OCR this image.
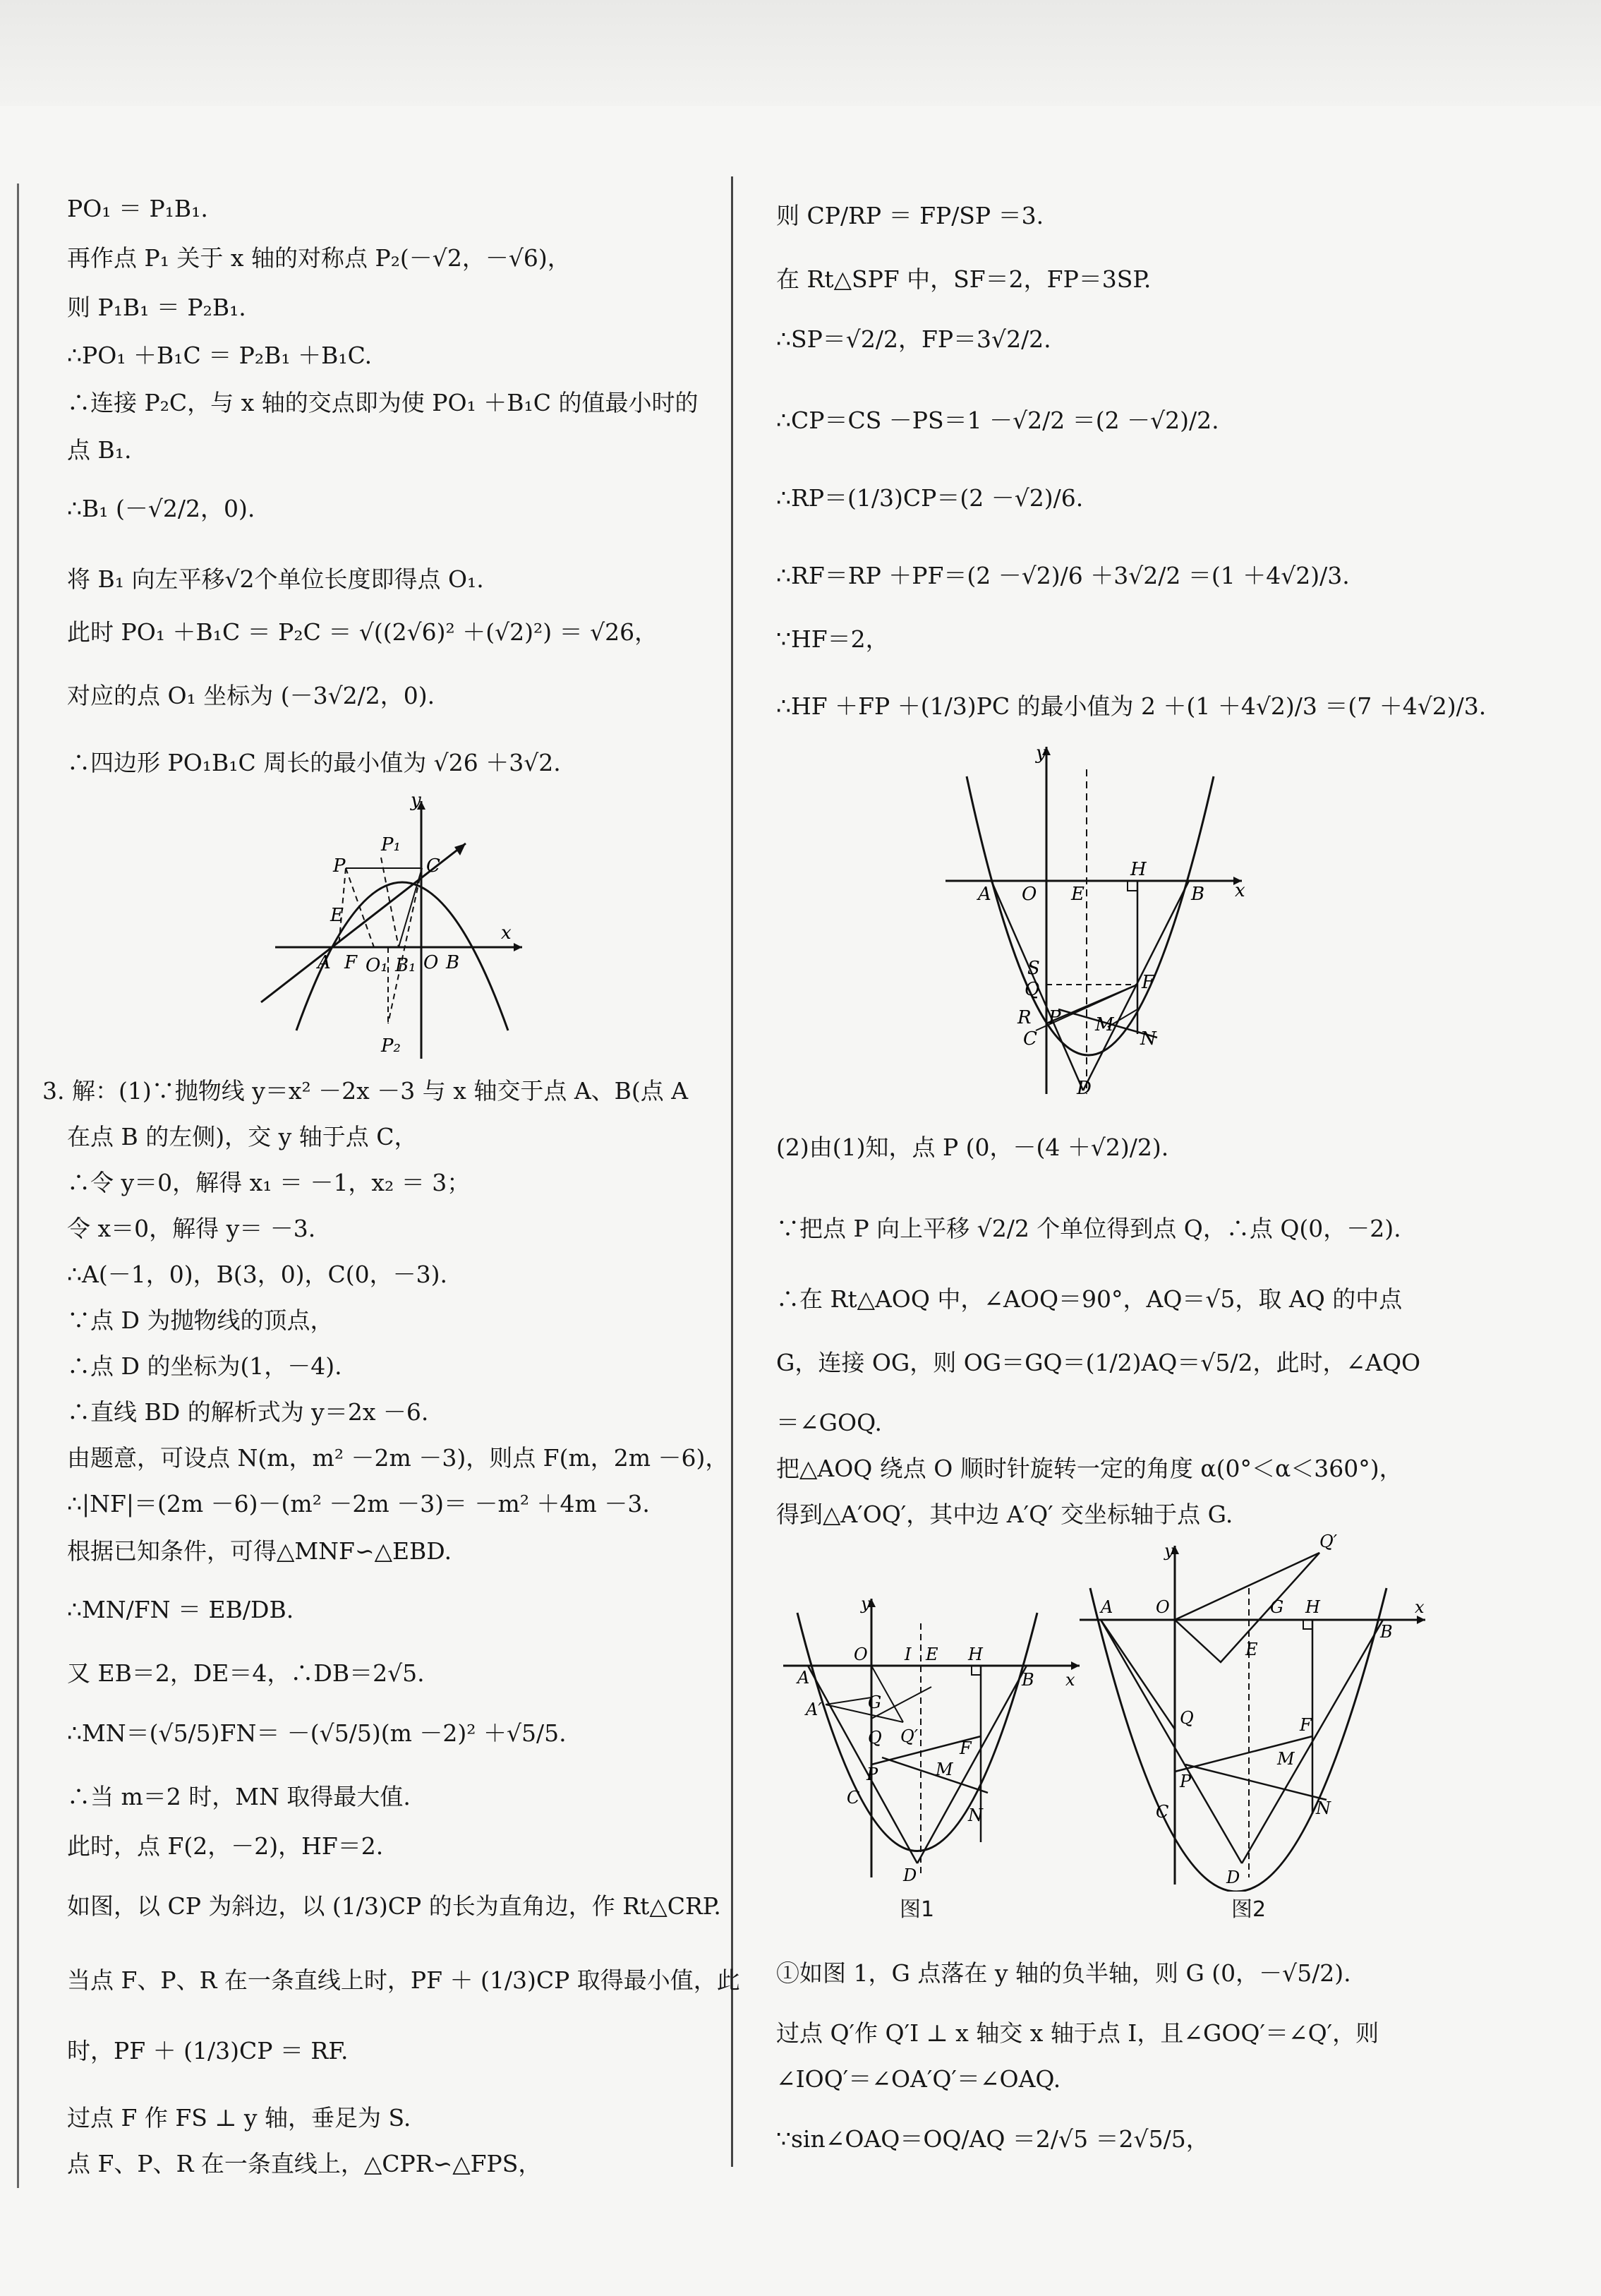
PO₁ ＝ P₁B₁.
再作点 P₁ 关于 x 轴的对称点 P₂(－√2，－√6)，
则 P₁B₁ ＝ P₂B₁.
∴PO₁ ＋B₁C ＝ P₂B₁ ＋B₁C.
∴连接 P₂C，与 x 轴的交点即为使 PO₁ ＋B₁C 的值最小时的
点 B₁.
∴B₁ (－√2/2，0).
将 B₁ 向左平移√2个单位长度即得点 O₁.
此时 PO₁ ＋B₁C ＝ P₂C ＝ √((2√6)² ＋(√2)²) ＝ √26，
对应的点 O₁ 坐标为 (－3√2/2，0).
∴四边形 PO₁B₁C 周长的最小值为 √26 ＋3√2.
y
x
P
P₁
C
E
A F O₁ B₁ O B
P₂
3. 解：(1)∵抛物线 y＝x² －2x －3 与 x 轴交于点 A、B(点 A
在点 B 的左侧)，交 y 轴于点 C，
∴令 y＝0，解得 x₁ ＝ －1，x₂ ＝ 3；
令 x＝0，解得 y＝ －3.
∴A(－1，0)，B(3，0)，C(0，－3).
∵点 D 为抛物线的顶点，
∴点 D 的坐标为(1，－4).
∴直线 BD 的解析式为 y＝2x －6.
由题意，可设点 N(m，m² －2m －3)，则点 F(m，2m －6)，
∴|NF|＝(2m －6)－(m² －2m －3)＝ －m² ＋4m －3.
根据已知条件，可得△MNF∽△EBD.
∴MN/FN ＝ EB/DB.
又 EB＝2，DE＝4，∴DB＝2√5.
∴MN＝(√5/5)FN＝ －(√5/5)(m －2)² ＋√5/5.
∴当 m＝2 时，MN 取得最大值.
此时，点 F(2，－2)，HF＝2.
如图，以 CP 为斜边，以 (1/3)CP 的长为直角边，作 Rt△CRP.
当点 F、P、R 在一条直线上时，PF ＋ (1/3)CP 取得最小值，此
时，PF ＋ (1/3)CP ＝ RF.
过点 F 作 FS ⊥ y 轴，垂足为 S.
点 F、P、R 在一条直线上，△CPR∽△FPS，
则 CP/RP ＝ FP/SP ＝3.
在 Rt△SPF 中，SF＝2，FP＝3SP.
∴SP＝√2/2，FP＝3√2/2.
∴CP＝CS －PS＝1 －√2/2 ＝(2 －√2)/2.
∴RP＝(1/3)CP＝(2 －√2)/6.
∴RF＝RP ＋PF＝(2 －√2)/6 ＋3√2/2 ＝(1 ＋4√2)/3.
∵HF＝2，
∴HF ＋FP ＋(1/3)PC 的最小值为 2 ＋(1 ＋4√2)/3 ＝(7 ＋4√2)/3.
y
x
H
A O E	B
S
F
Q
R P M
C	N
D
(2)由(1)知，点 P (0，－(4 ＋√2)/2).
∵把点 P 向上平移 √2/2 个单位得到点 Q，∴点 Q(0，－2).
∴在 Rt△AOQ 中，∠AOQ＝90°，AQ＝√5，取 AQ 的中点
G，连接 OG，则 OG＝GQ＝(1/2)AQ＝√5/2，此时，∠AQO
＝∠GOQ.
把△AOQ 绕点 O 顺时针旋转一定的角度 α(0°＜α＜360°)，
得到△A′OQ′，其中边 A′Q′ 交坐标轴于点 G.
y
x
O I E H
B
A
A′	G
Q Q′
F
P	M
C
N
D
图1
y	Q′
A	O	G H	x
B
E
Q	F
M
P
C	N
D
图2
①如图 1，G 点落在 y 轴的负半轴，则 G (0，－√5/2).
过点 Q′作 Q′I ⊥ x 轴交 x 轴于点 I，且∠GOQ′＝∠Q′，则
∠IOQ′＝∠OA′Q′＝∠OAQ.
∵sin∠OAQ＝OQ/AQ ＝2/√5 ＝2√5/5，
